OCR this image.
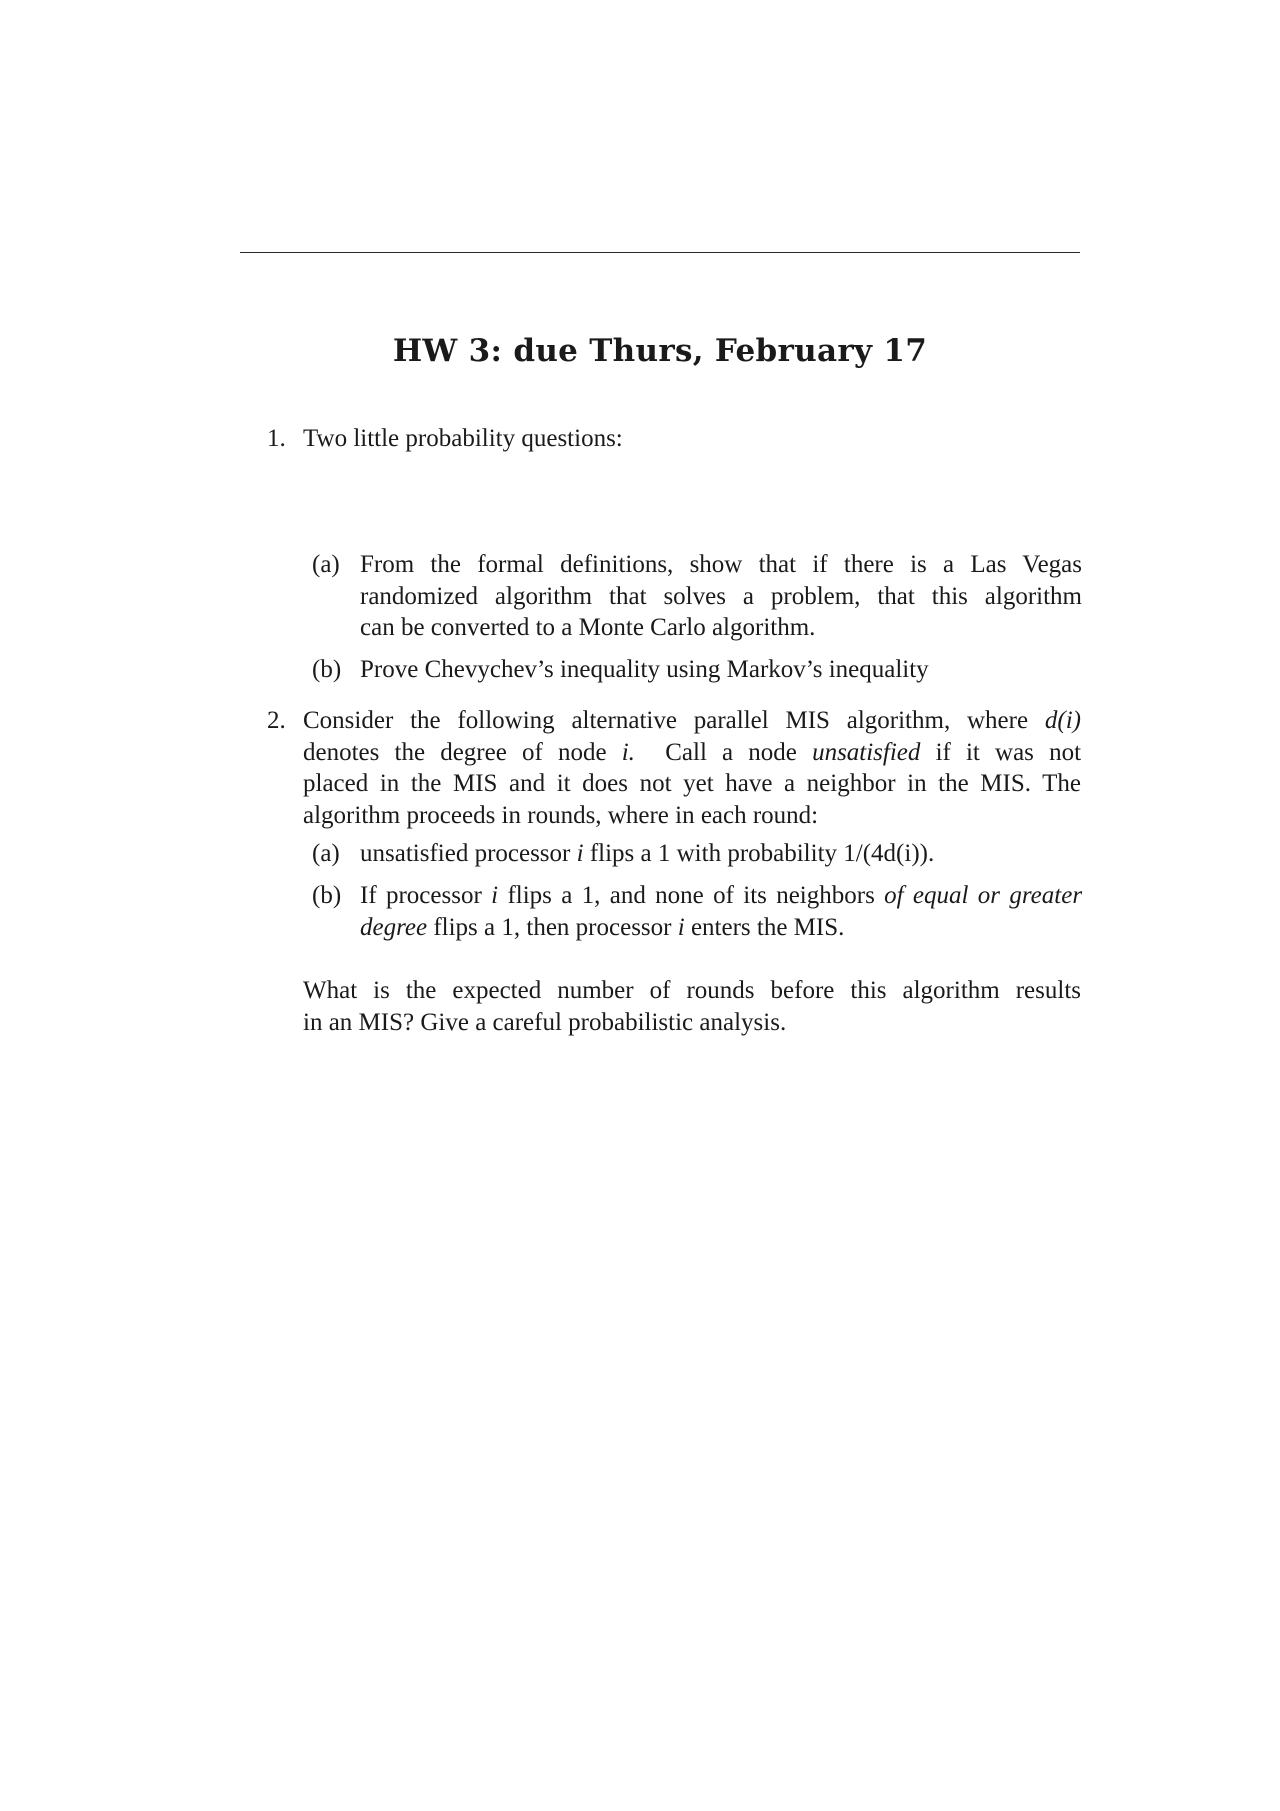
HW 3: due Thurs, February 17
1. Two little probability questions:
(a) From the formal definitions, show that if there is a Las Vegas
randomized algorithm that solves a problem, that this algorithm
can be converted to a Monte Carlo algorithm.
(b) Prove Chevychev’s inequality using Markov’s inequality
2. Consider the following alternative parallel MIS algorithm, where d(i)
denotes the degree of node i. Call a node unsatisfied if it was not
placed in the MIS and it does not yet have a neighbor in the MIS. The
algorithm proceeds in rounds, where in each round:
(a) unsatisfied processor i flips a 1 with probability 1/(4d(i)).
(b) If processor i flips a 1, and none of its neighbors of equal or greater
degree flips a 1, then processor i enters the MIS.
What is the expected number of rounds before this algorithm results
in an MIS? Give a careful probabilistic analysis.
